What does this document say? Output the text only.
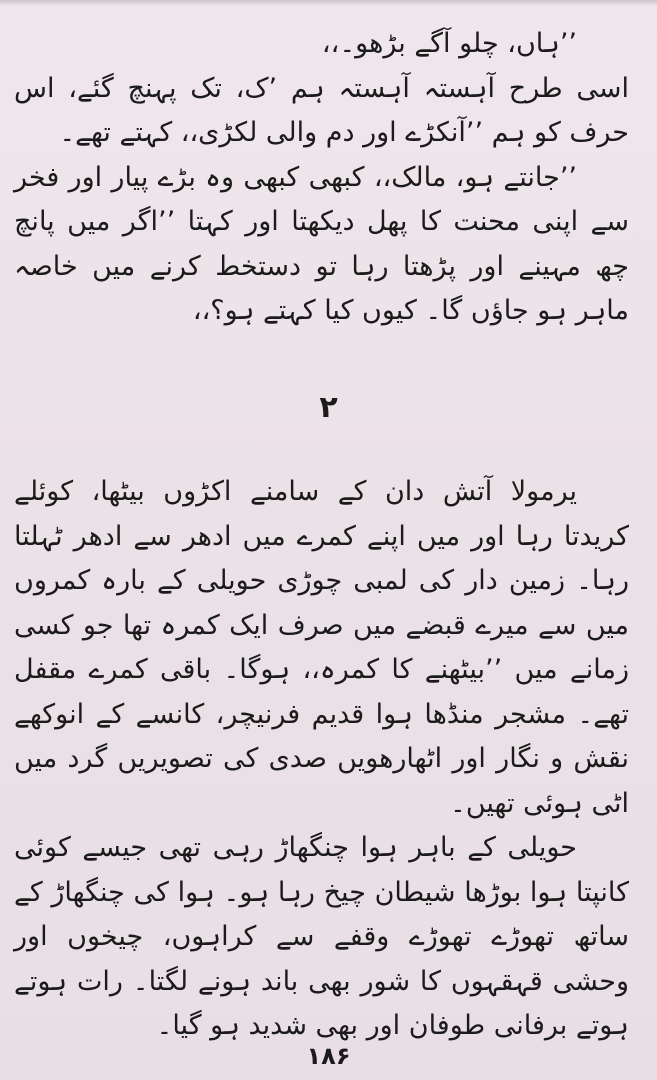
’’ہاں، چلو آگے بڑھو۔،،

اسی طرح آہستہ آہستہ ہم ’ک، تک پہنچ گئے، اس حرف کو ہم ’’آنکڑے اور دم والی لکڑی،، کہتے تھے۔

’’جانتے ہو، مالک،، کبھی کبھی وہ بڑے پیار اور فخر سے اپنی محنت کا پھل دیکھتا اور کہتا ’’اگر میں پانچ چھ مہینے اور پڑھتا رہا تو دستخط کرنے میں خاصہ ماہر ہو جاؤں گا۔ کیوں کیا کہتے ہو؟،،

۲

یرمولا آتش دان کے سامنے اکڑوں بیٹھا، کوئلے کریدتا رہا اور میں اپنے کمرے میں ادھر سے ادھر ٹہلتا رہا۔ زمین دار کی لمبی چوڑی حویلی کے بارہ کمروں میں سے میرے قبضے میں صرف ایک کمرہ تھا جو کسی زمانے میں ’’بیٹھنے کا کمرہ،، ہوگا۔ باقی کمرے مقفل تھے۔ مشجر منڈھا ہوا قدیم فرنیچر، کانسے کے انوکھے نقش و نگار اور اٹھارھویں صدی کی تصویریں گرد میں اٹی ہوئی تھیں۔

حویلی کے باہر ہوا چنگھاڑ رہی تھی جیسے کوئی کانپتا ہوا بوڑھا شیطان چیخ رہا ہو۔ ہوا کی چنگھاڑ کے ساتھ تھوڑے تھوڑے وقفے سے کراہوں، چیخوں اور وحشی قہقہوں کا شور بھی باند ہونے لگتا۔ رات ہوتے ہوتے برفانی طوفان اور بھی شدید ہو گیا۔

۱۸۶
